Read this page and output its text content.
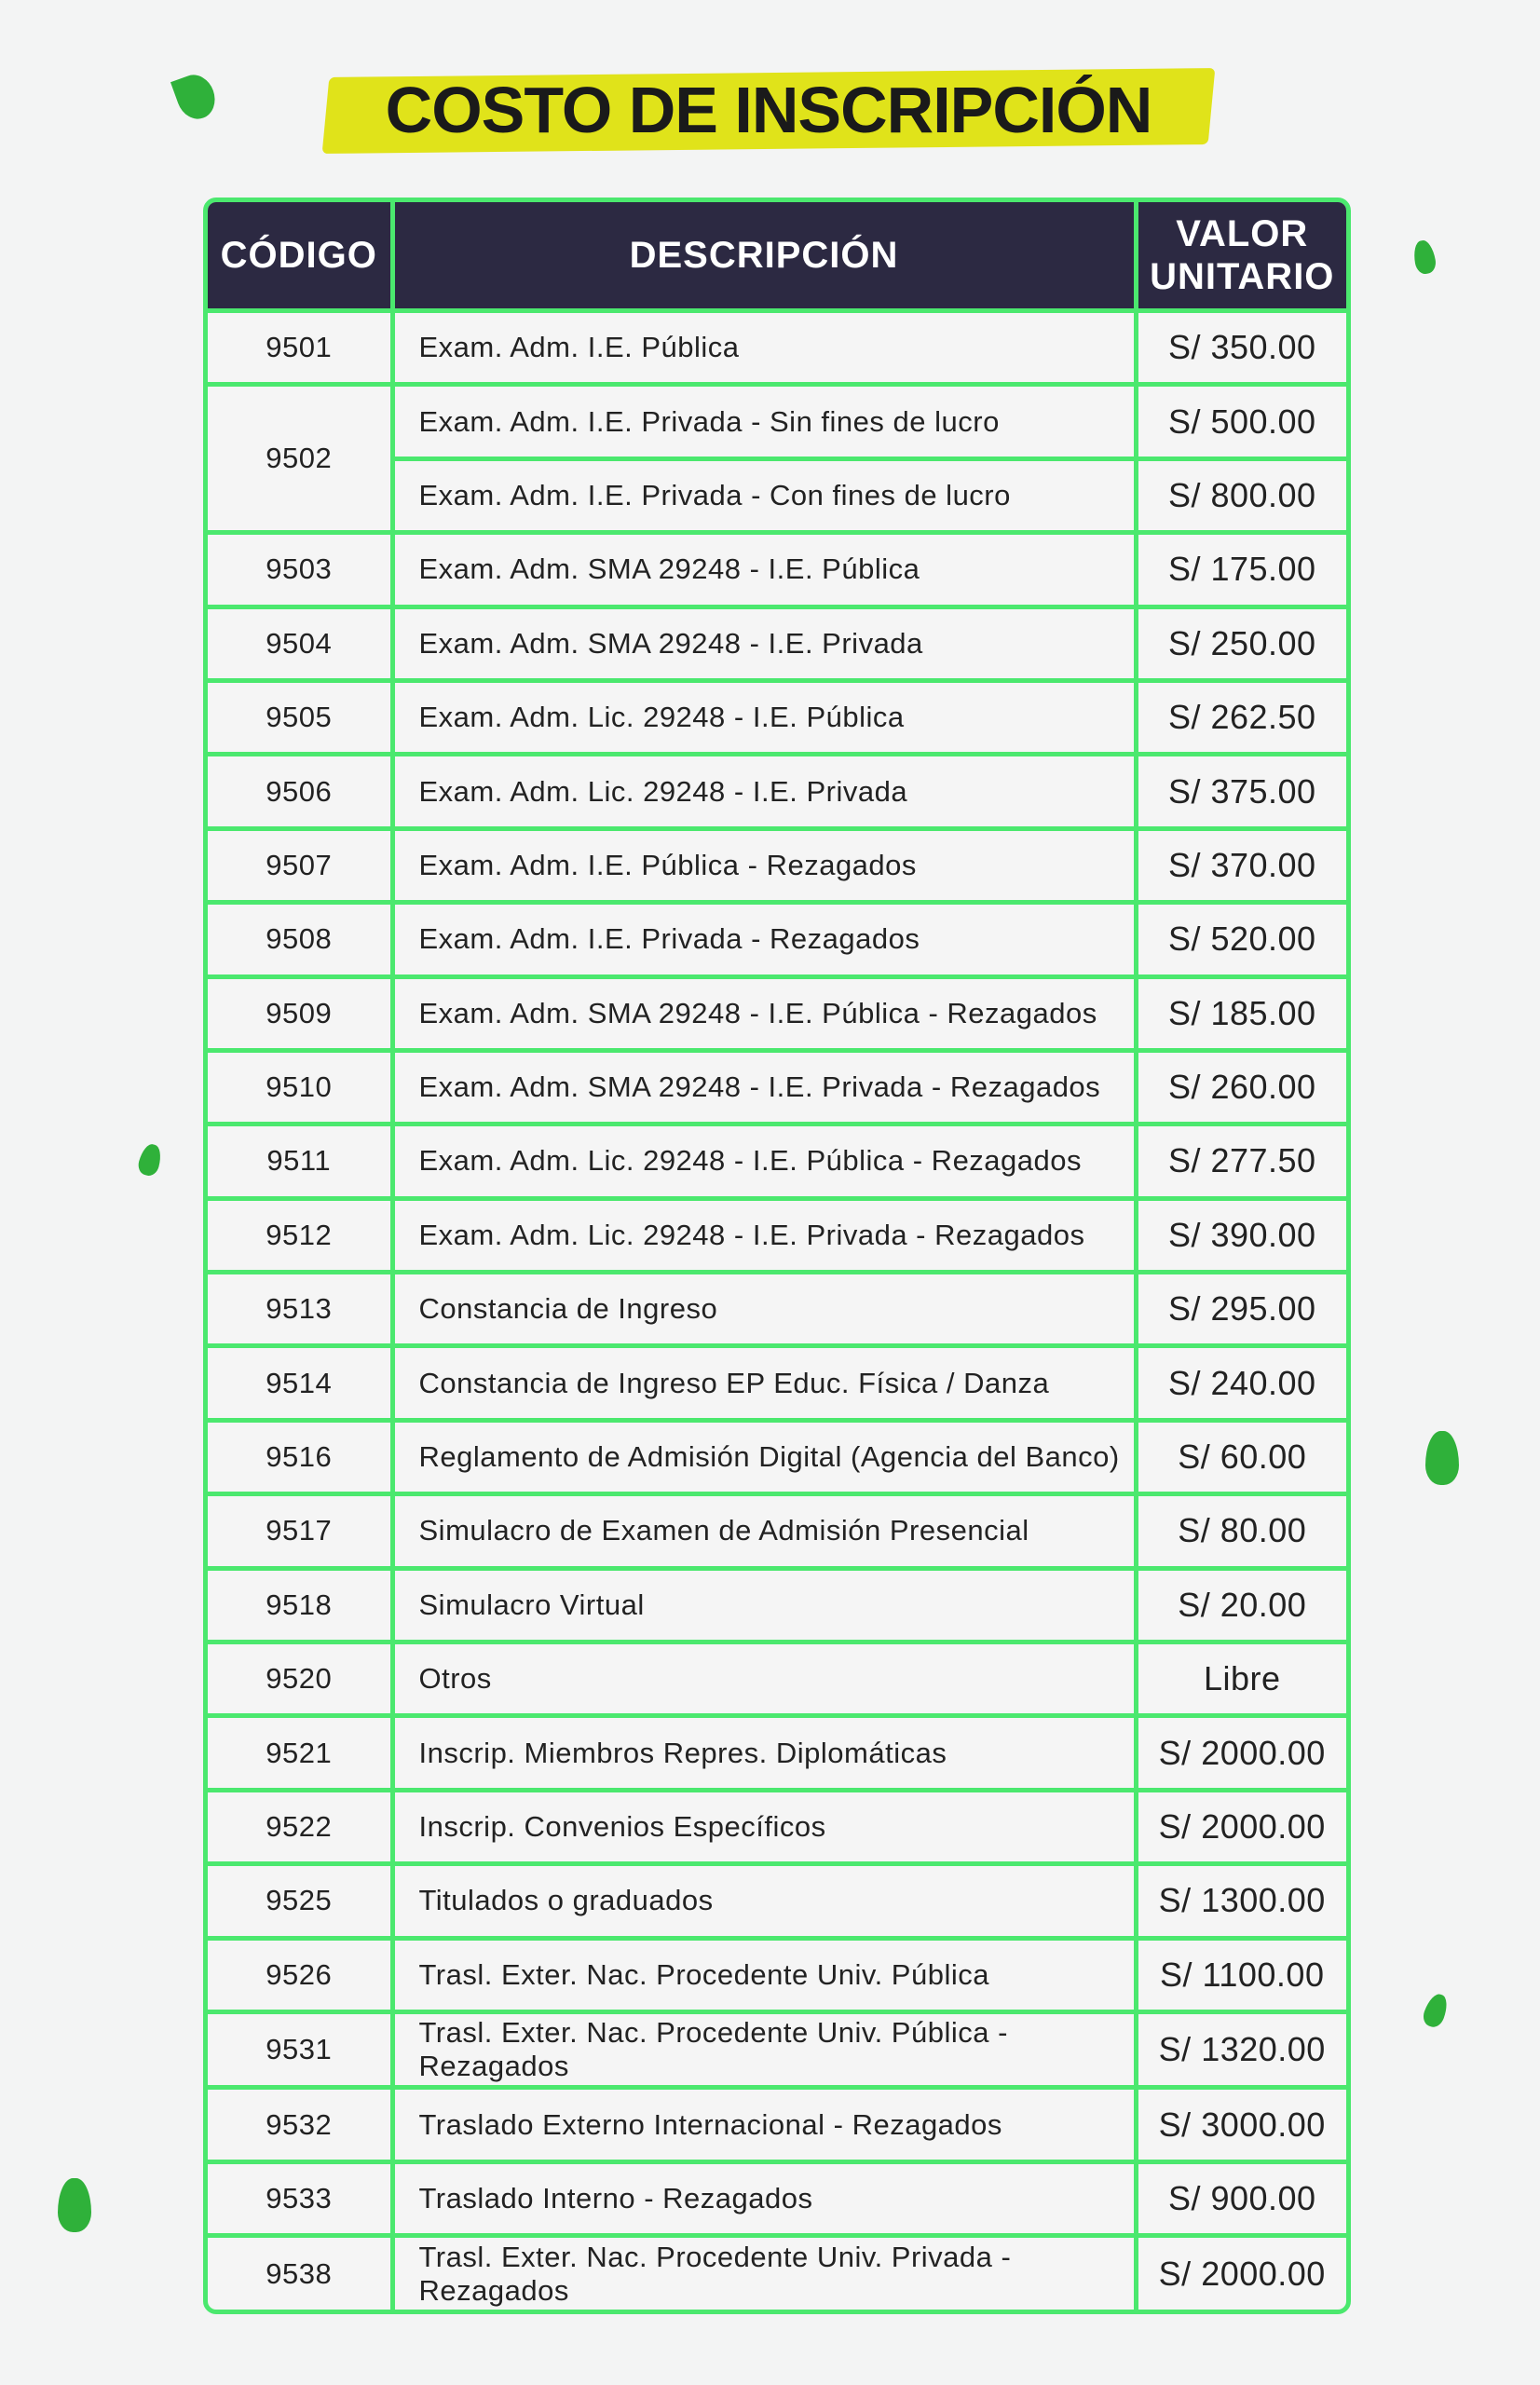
COSTO DE INSCRIPCIÓN
CÓDIGO	DESCRIPCIÓN	VALOR
UNITARIO
9501	Exam. Adm. I.E. Pública	S/ 350.00
9502	Exam. Adm. I.E. Privada - Sin fines de lucro	S/ 500.00
	Exam. Adm. I.E. Privada - Con fines de lucro	S/ 800.00
9503	Exam. Adm. SMA 29248 - I.E. Pública	S/ 175.00
9504	Exam. Adm. SMA 29248 - I.E. Privada	S/ 250.00
9505	Exam. Adm. Lic. 29248 - I.E. Pública	S/ 262.50
9506	Exam. Adm. Lic. 29248 - I.E. Privada	S/ 375.00
9507	Exam. Adm. I.E. Pública - Rezagados	S/ 370.00
9508	Exam. Adm. I.E. Privada - Rezagados	S/ 520.00
9509	Exam. Adm. SMA 29248 - I.E. Pública - Rezagados	S/ 185.00
9510	Exam. Adm. SMA 29248 - I.E. Privada - Rezagados	S/ 260.00
9511	Exam. Adm. Lic. 29248 - I.E. Pública - Rezagados	S/ 277.50
9512	Exam. Adm. Lic. 29248 - I.E. Privada - Rezagados	S/ 390.00
9513	Constancia de Ingreso	S/ 295.00
9514	Constancia de Ingreso EP Educ. Física / Danza	S/ 240.00
9516	Reglamento de Admisión Digital (Agencia del Banco)	S/ 60.00
9517	Simulacro de Examen de Admisión Presencial	S/ 80.00
9518	Simulacro Virtual	S/ 20.00
9520	Otros	Libre
9521	Inscrip. Miembros Repres. Diplomáticas	S/ 2000.00
9522	Inscrip. Convenios Específicos	S/ 2000.00
9525	Titulados o graduados	S/ 1300.00
9526	Trasl. Exter. Nac. Procedente Univ. Pública	S/ 1100.00
9531	Trasl. Exter. Nac. Procedente Univ. Pública - Rezagados	S/ 1320.00
9532	Traslado Externo Internacional - Rezagados	S/ 3000.00
9533	Traslado Interno - Rezagados	S/ 900.00
9538	Trasl. Exter. Nac. Procedente Univ. Privada - Rezagados	S/ 2000.00
